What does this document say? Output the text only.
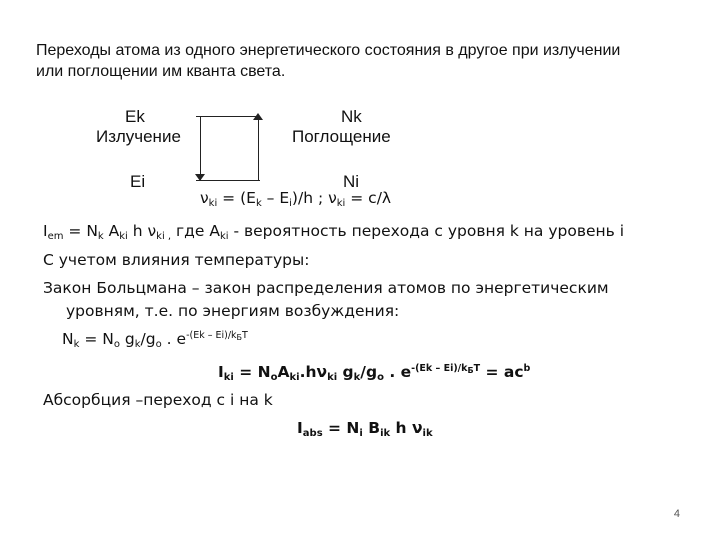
Переходы атома из одного энергетического состояния в другое при излучении
или поглощении им кванта света.
Ek
Излучение
Nk
Поглощение
Ei	Ni
$\nu_{ki} = (E_k - E_i)/h$ ; $\nu_{ki} = c/\lambda$
$I_{em} = N_k$ $A_{ki}$ h $\nu_{ki ,}$ где $A_{ki}$ - вероятность перехода с уровня k на уровень i
С учетом влияния температуры:
Закон Больцмана – закон распределения атомов по энергетическим
уровням, т.е. по энергиям возбуждения:
$N_k = N_o$ $g_k/g_o$ . $e^{-(Ek - Ei)/k_БT}$
$I_{ki} = N_oA_{ki}.h\nu_{ki}$ $g_k/g_o$ . $e^{-(Ek - Ei)/k_БT} = ac^b$
Абсорбция –переход с i на k
$I_{abs} = N_i$ $B_{ik}$ h $\nu_{ik}$
4
